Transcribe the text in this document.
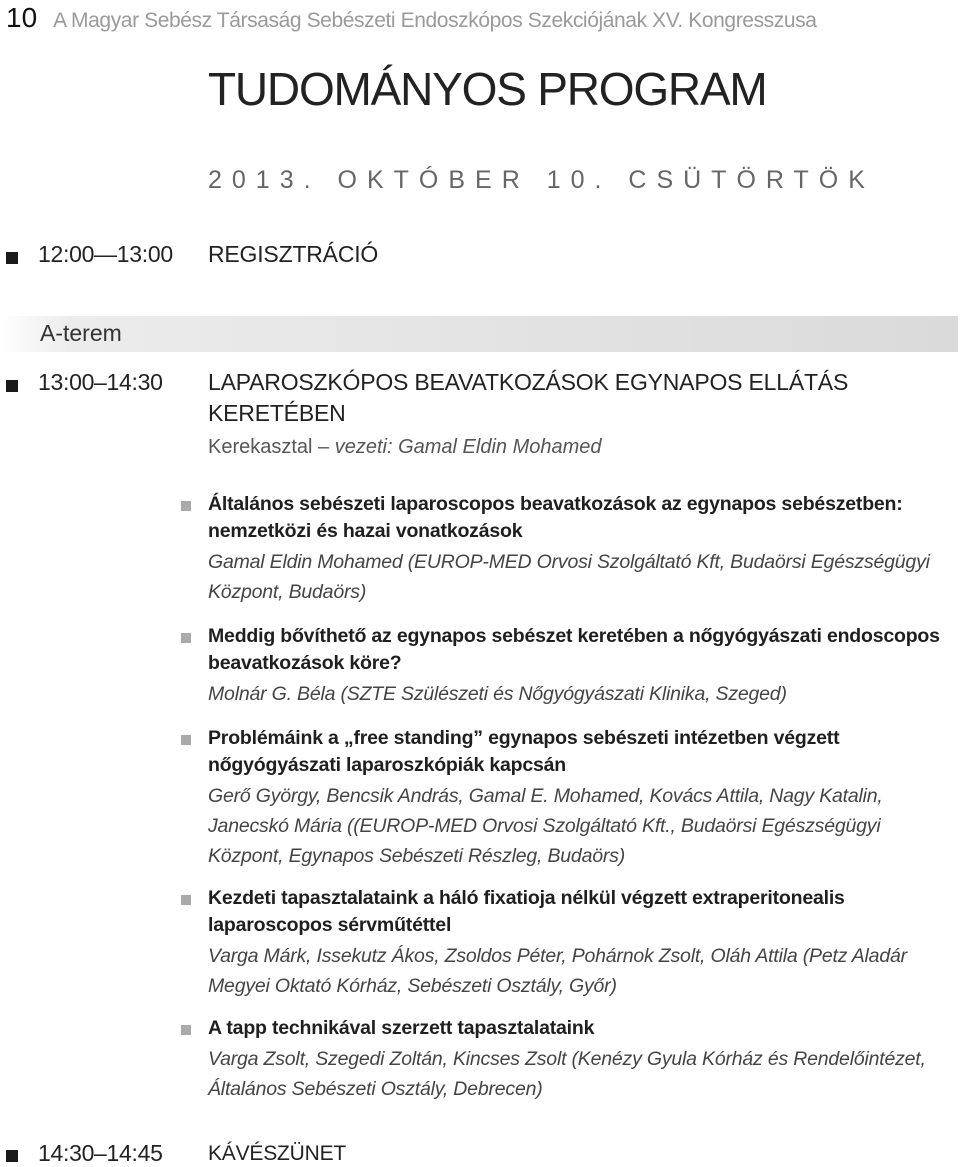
10 A Magyar Sebész Társaság Sebészeti Endoszkópos Szekciójának XV. Kongresszusa
TUDOMÁNYOS PROGRAM
2013. OKTÓBER 10. CSÜTÖRTÖK
12:00—13:00 REGISZTRÁCIÓ
A-terem
13:00–14:30 LAPAROSZKÓPOS BEAVATKOZÁSOK EGYNAPOS ELLÁTÁS
KERETÉBEN
Kerekasztal – vezeti: Gamal Eldin Mohamed
Általános sebészeti laparoscopos beavatkozások az egynapos sebészetben: nemzetközi és hazai vonatkozások
Gamal Eldin Mohamed (EUROP-MED Orvosi Szolgáltató Kft, Budaörsi Egészségügyi Központ, Budaörs)
Meddig bővíthető az egynapos sebészet keretében a nőgyógyászati endoscopos beavatkozások köre?
Molnár G. Béla (SZTE Szülészeti és Nőgyógyászati Klinika, Szeged)
Problémáink a „free standing” egynapos sebészeti intézetben végzett nőgyógyászati laparoszkópiák kapcsán
Gerő György, Bencsik András, Gamal E. Mohamed, Kovács Attila, Nagy Katalin, Janecskó Mária ((EUROP-MED Orvosi Szolgáltató Kft., Budaörsi Egészségügyi Központ, Egynapos Sebészeti Részleg, Budaörs)
Kezdeti tapasztalataink a háló fixatioja nélkül végzett extraperitonealis laparoscopos sérvműtéttel
Varga Márk, Issekutz Ákos, Zsoldos Péter, Pohárnok Zsolt, Oláh Attila (Petz Aladár Megyei Oktató Kórház, Sebészeti Osztály, Győr)
A tapp technikával szerzett tapasztalataink
Varga Zsolt, Szegedi Zoltán, Kincses Zsolt (Kenézy Gyula Kórház és Rendelőintézet, Általános Sebészeti Osztály, Debrecen)
14:30–14:45 KÁVÉSZÜNET
